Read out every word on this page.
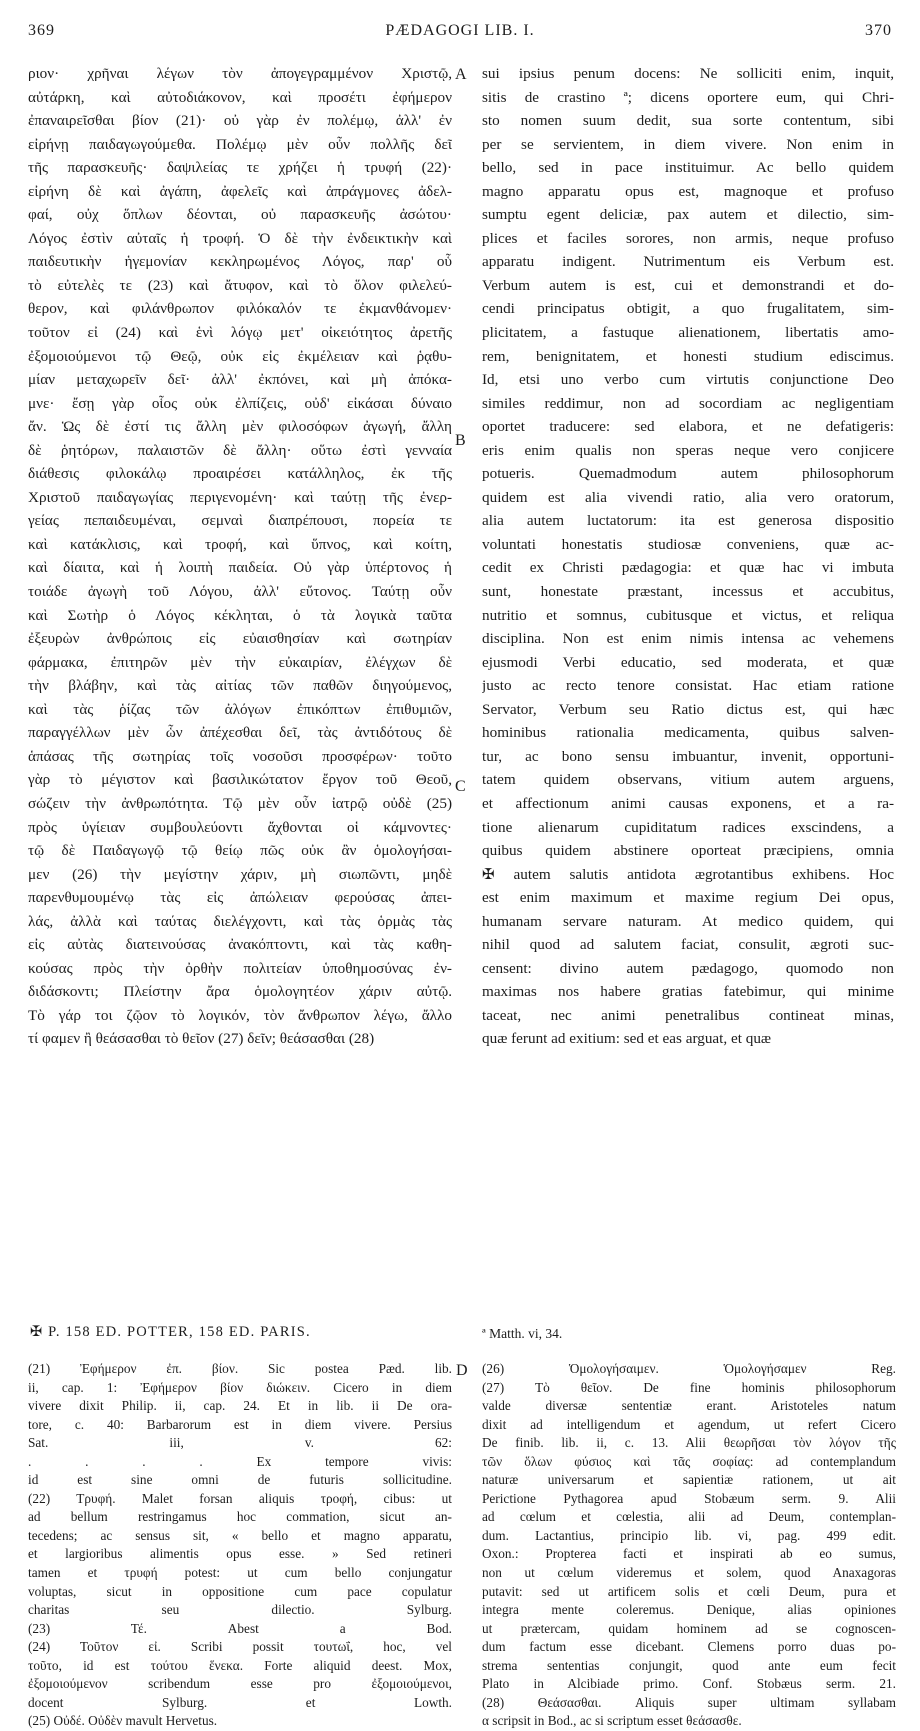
369	PÆDAGOGI LIB. I.	370
ριον· χρῆναι λέγων τὸν ἀπογεγραμμένον Χριστῷ,
αὐτάρκη, καὶ αὐτοδιάκονον, καὶ προσέτι ἐφήμερον
ἐπαναιρεῖσθαι βίον (21)· οὐ γὰρ ἐν πολέμῳ, ἀλλ' ἐν
εἰρήνῃ παιδαγωγούμεθα. Πολέμῳ μὲν οὖν πολλῆς δεῖ
τῆς παρασκευῆς· δαψιλείας τε χρήζει ἡ τρυφή (22)·
εἰρήνη δὲ καὶ ἀγάπη, ἀφελεῖς καὶ ἀπράγμονες ἀδελ-
φαί, οὐχ ὅπλων δέονται, οὐ παρασκευῆς ἀσώτου·
Λόγος ἐστὶν αὐταῖς ἡ τροφή. Ὁ δὲ τὴν ἐνδεικτικὴν καὶ
παιδευτικὴν ἡγεμονίαν κεκληρωμένος Λόγος, παρ' οὗ
τὸ εὐτελὲς τε (23) καὶ ἄτυφον, καὶ τὸ ὅλον φιλελεύ-
θερον, καὶ φιλάνθρωπον φιλόκαλόν τε ἐκμανθάνομεν·
τοῦτον εἰ (24) καὶ ἑνὶ λόγῳ μετ' οἰκειότητος ἀρετῆς
ἐξομοιούμενοι τῷ Θεῷ, οὐκ εἰς ἐκμέλειαν καὶ ῥᾳθυ-
μίαν μεταχωρεῖν δεῖ· ἀλλ' ἐκπόνει, καὶ μὴ ἀπόκα-
μνε· ἔσῃ γὰρ οἷος οὐκ ἐλπίζεις, οὐδ' εἰκάσαι δύναιο
ἄν. Ὡς δὲ ἐστί τις ἄλλη μὲν φιλοσόφων ἀγωγή, ἄλλη
δὲ ῥητόρων, παλαιστῶν δὲ ἄλλη· οὕτω ἐστὶ γενναία
διάθεσις φιλοκάλῳ προαιρέσει κατάλληλος, ἐκ τῆς
Χριστοῦ παιδαγωγίας περιγενομένη· καὶ ταύτῃ τῆς ἐνερ-
γείας πεπαιδευμέναι, σεμναὶ διαπρέπουσι, πορεία τε
καὶ κατάκλισις, καὶ τροφή, καὶ ὕπνος, καὶ κοίτη,
καὶ δίαιτα, καὶ ἡ λοιπὴ παιδεία. Οὐ γὰρ ὑπέρτονος ἡ
τοιάδε ἀγωγὴ τοῦ Λόγου, ἀλλ' εὔτονος. Ταύτῃ οὖν
καὶ Σωτὴρ ὁ Λόγος κέκληται, ὁ τὰ λογικὰ ταῦτα
ἐξευρὼν ἀνθρώποις εἰς εὐαισθησίαν καὶ σωτηρίαν
φάρμακα, ἐπιτηρῶν μὲν τὴν εὐκαιρίαν, ἐλέγχων δὲ
τὴν βλάβην, καὶ τὰς αἰτίας τῶν παθῶν διηγούμενος,
καὶ τὰς ῥίζας τῶν ἀλόγων ἐπικόπτων ἐπιθυμιῶν,
παραγγέλλων μὲν ὧν ἀπέχεσθαι δεῖ, τὰς ἀντιδότους δὲ
ἁπάσας τῆς σωτηρίας τοῖς νοσοῦσι προσφέρων· τοῦτο
γὰρ τὸ μέγιστον καὶ βασιλικώτατον ἔργον τοῦ Θεοῦ,
σώζειν τὴν ἀνθρωπότητα. Τῷ μὲν οὖν ἰατρῷ οὐδὲ (25)
πρὸς ὑγίειαν συμβουλεύοντι ἄχθονται οἱ κάμνοντες·
τῷ δὲ Παιδαγωγῷ τῷ θείῳ πῶς οὐκ ἂν ὁμολογήσαι-
μεν (26) τὴν μεγίστην χάριν, μὴ σιωπῶντι, μηδὲ
παρενθυμουμένῳ τὰς εἰς ἀπώλειαν φερούσας ἀπει-
λάς, ἀλλὰ καὶ ταύτας διελέγχοντι, καὶ τὰς ὁρμὰς τὰς
εἰς αὐτὰς διατεινούσας ἀνακόπτοντι, καὶ τὰς καθη-
κούσας πρὸς τὴν ὀρθὴν πολιτείαν ὑποθημοσύνας ἐν-
διδάσκοντι; Πλείστην ἄρα ὁμολογητέον χάριν αὐτῷ.
Τὸ γάρ τοι ζῷον τὸ λογικόν, τὸν ἄνθρωπον λέγω, ἄλλο
τί φαμεν ἢ θεάσασθαι τὸ θεῖον (27) δεῖν; θεάσασθαι (28)
sui ipsius penum docens: Ne solliciti enim, inquit,
sitis de crastino ª; dicens oportere eum, qui Chri-
sto nomen suum dedit, sua sorte contentum, sibi
per se servientem, in diem vivere. Non enim in
bello, sed in pace instituimur. Ac bello quidem
magno apparatu opus est, magnoque et profuso
sumptu egent deliciæ, pax autem et dilectio, sim-
plices et faciles sorores, non armis, neque profuso
apparatu indigent. Nutrimentum eis Verbum est.
Verbum autem is est, cui et demonstrandi et do-
cendi principatus obtigit, a quo frugalitatem, sim-
plicitatem, a fastuque alienationem, libertatis amo-
rem, benignitatem, et honesti studium ediscimus.
Id, etsi uno verbo cum virtutis conjunctione Deo
similes reddimur, non ad socordiam ac negligentiam
oportet traducere: sed elabora, et ne defatigeris:
eris enim qualis non speras neque vero conjicere
potueris. Quemadmodum autem philosophorum
quidem est alia vivendi ratio, alia vero oratorum,
alia autem luctatorum: ita est generosa dispositio
voluntati honestatis studiosæ conveniens, quæ ac-
cedit ex Christi pædagogia: et quæ hac vi imbuta
sunt, honestate præstant, incessus et accubitus,
nutritio et somnus, cubitusque et victus, et reliqua
disciplina. Non est enim nimis intensa ac vehemens
ejusmodi Verbi educatio, sed moderata, et quæ
justo ac recto tenore consistat. Hac etiam ratione
Servator, Verbum seu Ratio dictus est, qui hæc
hominibus rationalia medicamenta, quibus salven-
tur, ac bono sensu imbuantur, invenit, opportuni-
tatem quidem observans, vitium autem arguens,
et affectionum animi causas exponens, et a ra-
tione alienarum cupiditatum radices exscindens, a
quibus quidem abstinere oporteat præcipiens, omnia
✠ autem salutis antidota ægrotantibus exhibens. Hoc
est enim maximum et maxime regium Dei opus,
humanam servare naturam. At medico quidem, qui
nihil quod ad salutem faciat, consulit, ægroti suc-
censent: divino autem pædagogo, quomodo non
maximas nos habere gratias fatebimur, qui minime
taceat, nec animi penetralibus contineat minas,
quæ ferunt ad exitium: sed et eas arguat, et quæ
A
B
C
D
✠ P. 158 ED. POTTER, 158 ED. PARIS.	ª Matth. vi, 34.
(21) Ἐφήμερον ἐπ. βίον. Sic postea Pæd. lib.
ii, cap. 1: Ἐφήμερον βίον διώκειν. Cicero in diem
vivere dixit Philip. ii, cap. 24. Et in lib. ii De ora-
tore, c. 40: Barbarorum est in diem vivere. Persius
Sat. iii, v. 62:
. . . . Ex tempore vivis:
id est sine omni de futuris sollicitudine.
(22) Τρυφή. Malet forsan aliquis τροφή, cibus: ut
ad bellum restringamus hoc commation, sicut an-
tecedens; ac sensus sit, « bello et magno apparatu,
et largioribus alimentis opus esse. » Sed retineri
tamen et τρυφή potest: ut cum bello conjungatur
voluptas, sicut in oppositione cum pace copulatur
charitas seu dilectio. Sylburg.
(23) Τέ. Abest a Bod.
(24) Τοῦτον εἰ. Scribi possit τουτωΐ, hoc, vel
τοῦτο, id est τούτου ἕνεκα. Forte aliquid deest. Mox,
ἐξομοιούμενον scribendum esse pro ἐξομοιούμενοι,
docent Sylburg. et Lowth.
(25) Οὐδέ. Οὐδὲν mavult Hervetus.
(26) Ὁμολογήσαιμεν. Ὁμολογήσαμεν Reg.
(27) Τὸ θεῖον. De fine hominis philosophorum
valde diversæ sententiæ erant. Aristoteles natum
dixit ad intelligendum et agendum, ut refert Cicero
De finib. lib. ii, c. 13. Alii θεωρῆσαι τὸν λόγον τῆς
τῶν ὅλων φύσιος καὶ τᾶς σοφίας: ad contemplandum
naturæ universarum et sapientiæ rationem, ut ait
Perictione Pythagorea apud Stobæum serm. 9. Alii
ad cœlum et cœlestia, alii ad Deum, contemplan-
dum. Lactantius, principio lib. vi, pag. 499 edit.
Oxon.: Propterea facti et inspirati ab eo sumus,
non ut cœlum videremus et solem, quod Anaxagoras
putavit: sed ut artificem solis et cœli Deum, pura et
integra mente coleremus. Denique, alias opiniones
ut prætercam, quidam hominem ad se cognoscen-
dum factum esse dicebant. Clemens porro duas po-
strema sententias conjungit, quod ante eum fecit
Plato in Alcibiade primo. Conf. Stobæus serm. 21.
(28) Θεάσασθαι. Aliquis super ultimam syllabam
α scripsit in Bod., ac si scriptum esset θεάσασθε.
